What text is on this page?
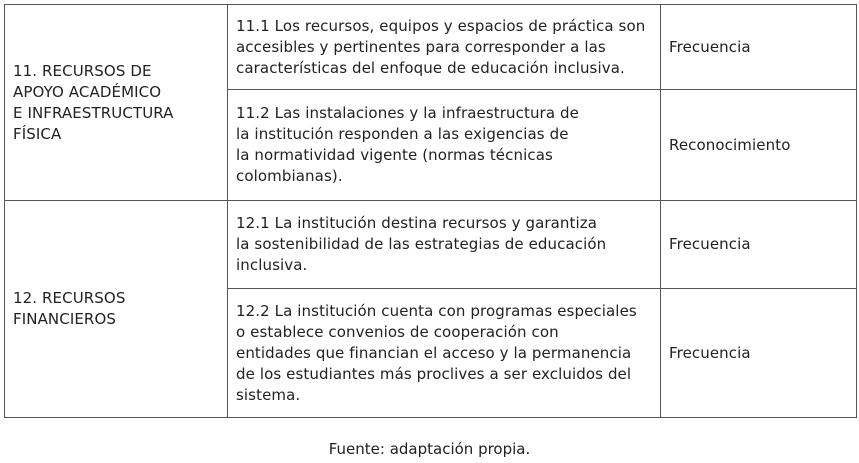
11. RECURSOS DE
APOYO ACADÉMICO
E INFRAESTRUCTURA
FÍSICA	11.1 Los recursos, equipos y espacios de práctica son
accesibles y pertinentes para corresponder a las
características del enfoque de educación inclusiva.	Frecuencia

	11.2 Las instalaciones y la infraestructura de
la institución responden a las exigencias de
la normatividad vigente (normas técnicas
colombianas).	Reconocimiento

12. RECURSOS
FINANCIEROS	12.1 La institución destina recursos y garantiza
la sostenibilidad de las estrategias de educación
inclusiva.	Frecuencia

	12.2 La institución cuenta con programas especiales
o establece convenios de cooperación con
entidades que financian el acceso y la permanencia
de los estudiantes más proclives a ser excluidos del
sistema.	Frecuencia
Fuente: adaptación propia.
